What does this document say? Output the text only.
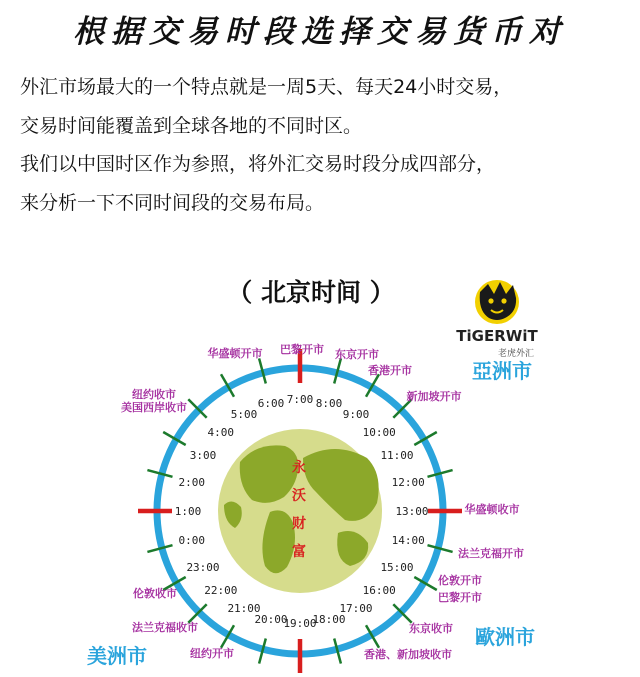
根据交易时段选择交易货币对
外汇市场最大的一个特点就是一周5天、每天24小时交易，
交易时间能覆盖到全球各地的不同时区。
我们以中国时区作为参照，将外汇交易时段分成四部分，
来分析一下不同时间段的交易布局。
（ 北京时间 ）
TiGERWiT
老虎外汇
永
沃
财
富
0:00
1:00
2:00
3:00
4:00
5:00
6:00 7:00 8:00
9:00
10:00
11:00
12:00
13:00
14:00
15:00
16:00
17:00
18:00
19:00
20:00
21:00
22:00
23:00
巴黎开市 东京开市
香港开市
新加坡开市
华盛顿收市
法兰克福开市
伦敦开市
巴黎开市
东京收市
香港、新加坡收市
纽约开市
法兰克福收市
伦敦收市
纽约收市
美国西岸收市
华盛顿开市
亞洲市
歐洲市
美洲市
